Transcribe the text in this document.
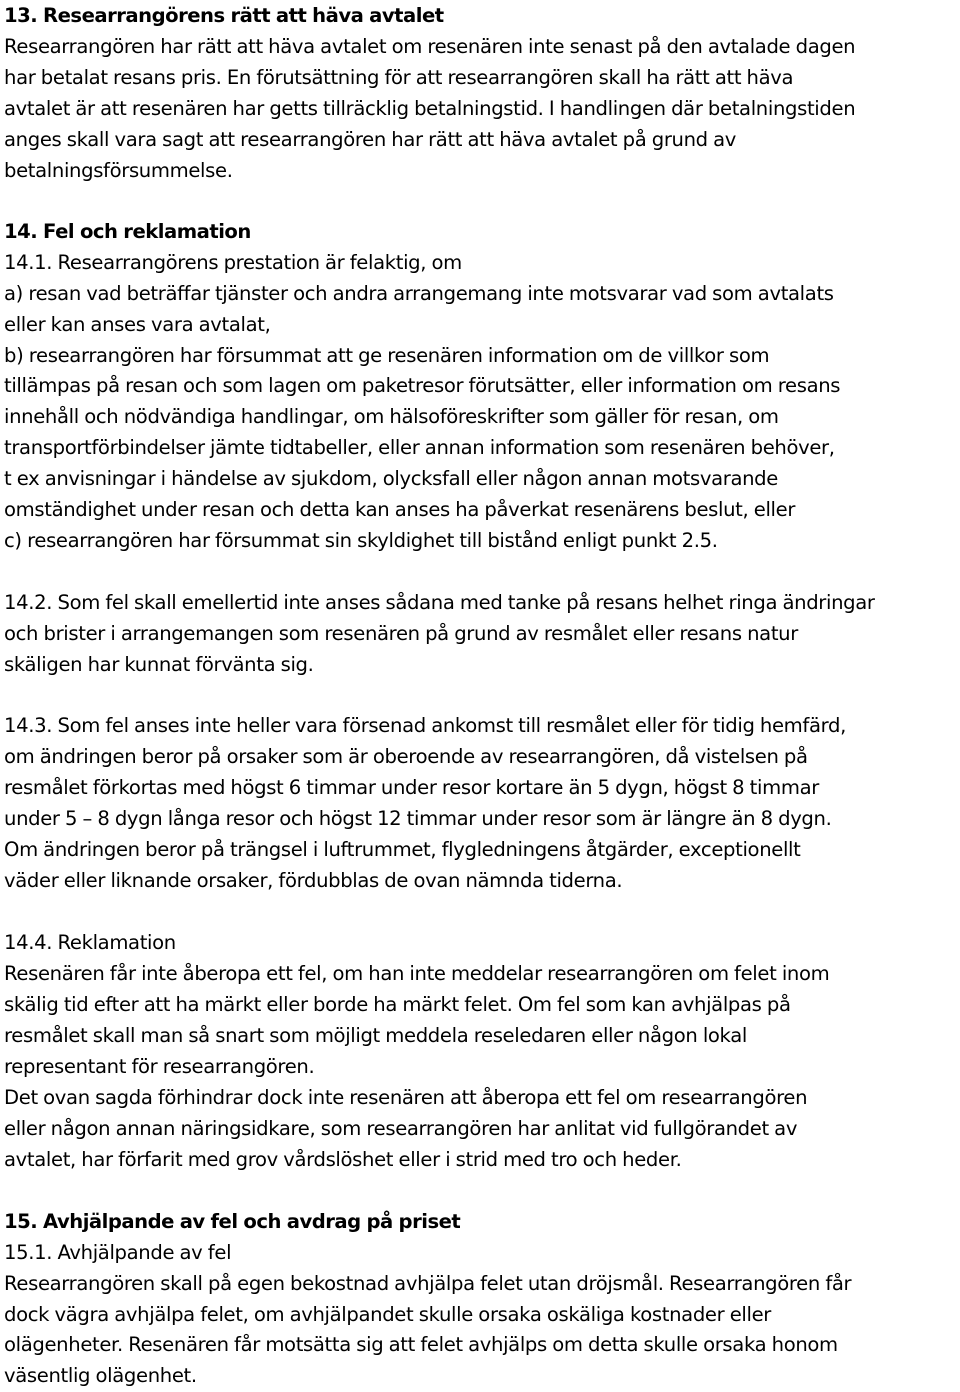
13. Researrangörens rätt att häva avtalet
Researrangören har rätt att häva avtalet om resenären inte senast på den avtalade dagen
har betalat resans pris. En förutsättning för att researrangören skall ha rätt att häva
avtalet är att resenären har getts tillräcklig betalningstid. I handlingen där betalningstiden
anges skall vara sagt att researrangören har rätt att häva avtalet på grund av
betalningsförsummelse.
14. Fel och reklamation
14.1. Researrangörens prestation är felaktig, om
a) resan vad beträffar tjänster och andra arrangemang inte motsvarar vad som avtalats
eller kan anses vara avtalat,
b) researrangören har försummat att ge resenären information om de villkor som
tillämpas på resan och som lagen om paketresor förutsätter, eller information om resans
innehåll och nödvändiga handlingar, om hälsoföreskrifter som gäller för resan, om
transportförbindelser jämte tidtabeller, eller annan information som resenären behöver,
t ex anvisningar i händelse av sjukdom, olycksfall eller någon annan motsvarande
omständighet under resan och detta kan anses ha påverkat resenärens beslut, eller
c) researrangören har försummat sin skyldighet till bistånd enligt punkt 2.5.
14.2. Som fel skall emellertid inte anses sådana med tanke på resans helhet ringa ändringar
och brister i arrangemangen som resenären på grund av resmålet eller resans natur
skäligen har kunnat förvänta sig.
14.3. Som fel anses inte heller vara försenad ankomst till resmålet eller för tidig hemfärd,
om ändringen beror på orsaker som är oberoende av researrangören, då vistelsen på
resmålet förkortas med högst 6 timmar under resor kortare än 5 dygn, högst 8 timmar
under 5 – 8 dygn långa resor och högst 12 timmar under resor som är längre än 8 dygn.
Om ändringen beror på trängsel i luftrummet, flygledningens åtgärder, exceptionellt
väder eller liknande orsaker, fördubblas de ovan nämnda tiderna.
14.4. Reklamation
Resenären får inte åberopa ett fel, om han inte meddelar researrangören om felet inom
skälig tid efter att ha märkt eller borde ha märkt felet. Om fel som kan avhjälpas på
resmålet skall man så snart som möjligt meddela reseledaren eller någon lokal
representant för researrangören.
Det ovan sagda förhindrar dock inte resenären att åberopa ett fel om researrangören
eller någon annan näringsidkare, som researrangören har anlitat vid fullgörandet av
avtalet, har förfarit med grov vårdslöshet eller i strid med tro och heder.
15. Avhjälpande av fel och avdrag på priset
15.1. Avhjälpande av fel
Researrangören skall på egen bekostnad avhjälpa felet utan dröjsmål. Researrangören får
dock vägra avhjälpa felet, om avhjälpandet skulle orsaka oskäliga kostnader eller
olägenheter. Resenären får motsätta sig att felet avhjälps om detta skulle orsaka honom
väsentlig olägenhet.
